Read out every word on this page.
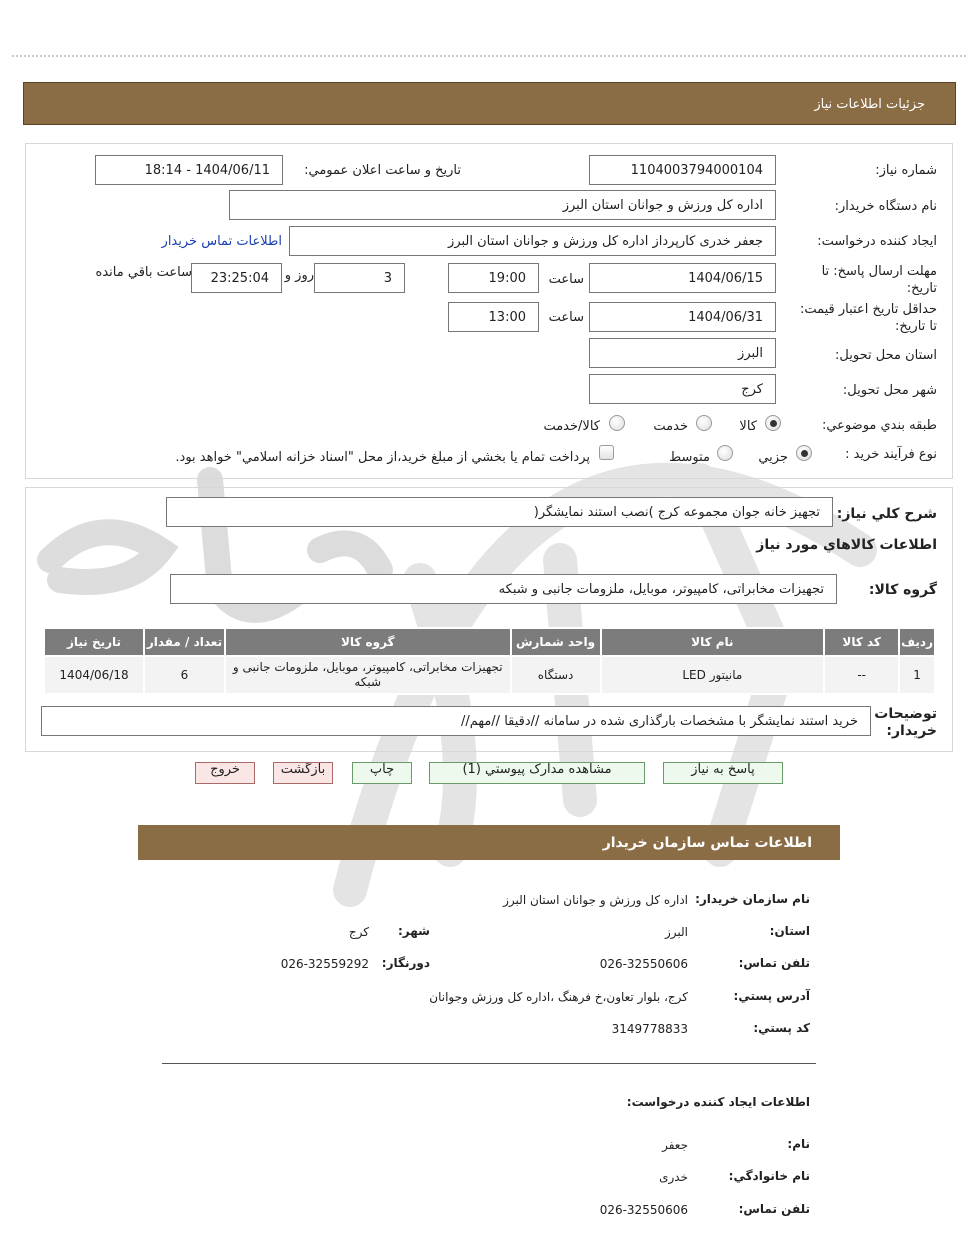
جزئيات اطلاعات نياز
شماره نياز:
1104003794000104
تاريخ و ساعت اعلان عمومي:
1404/06/11 - 18:14
نام دستگاه خريدار:
اداره کل ورزش و جوانان استان البرز
ايجاد کننده درخواست:
جعفر خدری کارپرداز اداره کل ورزش و جوانان استان البرز
اطلاعات تماس خريدار
مهلت ارسال پاسخ: تا
تاريخ:
1404/06/15
ساعت
19:00
3
روز و
23:25:04
ساعت باقي مانده
حداقل تاريخ اعتبار قيمت:
تا تاريخ:
1404/06/31
ساعت
13:00
استان محل تحويل:
البرز
شهر محل تحويل:
کرج
طبقه بندي موضوعي:
کالا
خدمت
کالا/خدمت
نوع فرآيند خريد :
جزيي
متوسط
پرداخت تمام يا بخشي از مبلغ خريد،از محل "اسناد خزانه اسلامي" خواهد بود.
شرح کلي نياز:
تجهیز خانه جوان مجموعه کرج )نصب استند نمایشگر(
اطلاعات کالاهاي مورد نياز
گروه کالا:
تجهیزات مخابراتی، کامپیوتر، موبایل، ملزومات جانبی و شبکه
رديف	کد کالا	نام کالا	واحد شمارش	گروه کالا	تعداد / مقدار	تاريخ نياز
1	--	مانیتور LED	دستگاه	تجهیزات مخابراتی، کامپیوتر، موبایل، ملزومات جانبی و شبکه	6	1404/06/18
توضيحات
خريدار:
خرید استند نمایشگر با مشخصات بارگذاری شده در سامانه //دقیقا //مهم//
پاسخ به نياز
مشاهده مدارک پيوستي (1)
چاپ
بازگشت
خروج
اطلاعات تماس سازمان خريدار
نام سازمان خريدار:
اداره کل ورزش و جوانان استان البرز
استان:
البرز
شهر:
کرج
تلفن تماس:
026-32550606
دورنگار:
026-32559292
آدرس پستي:
کرج، بلوار تعاون،خ فرهنگ ،اداره کل ورزش وجوانان
کد پستي:
3149778833
اطلاعات ايجاد کننده درخواست:
نام:
جعفر
نام خانوادگي:
خدری
تلفن تماس:
026-32550606
